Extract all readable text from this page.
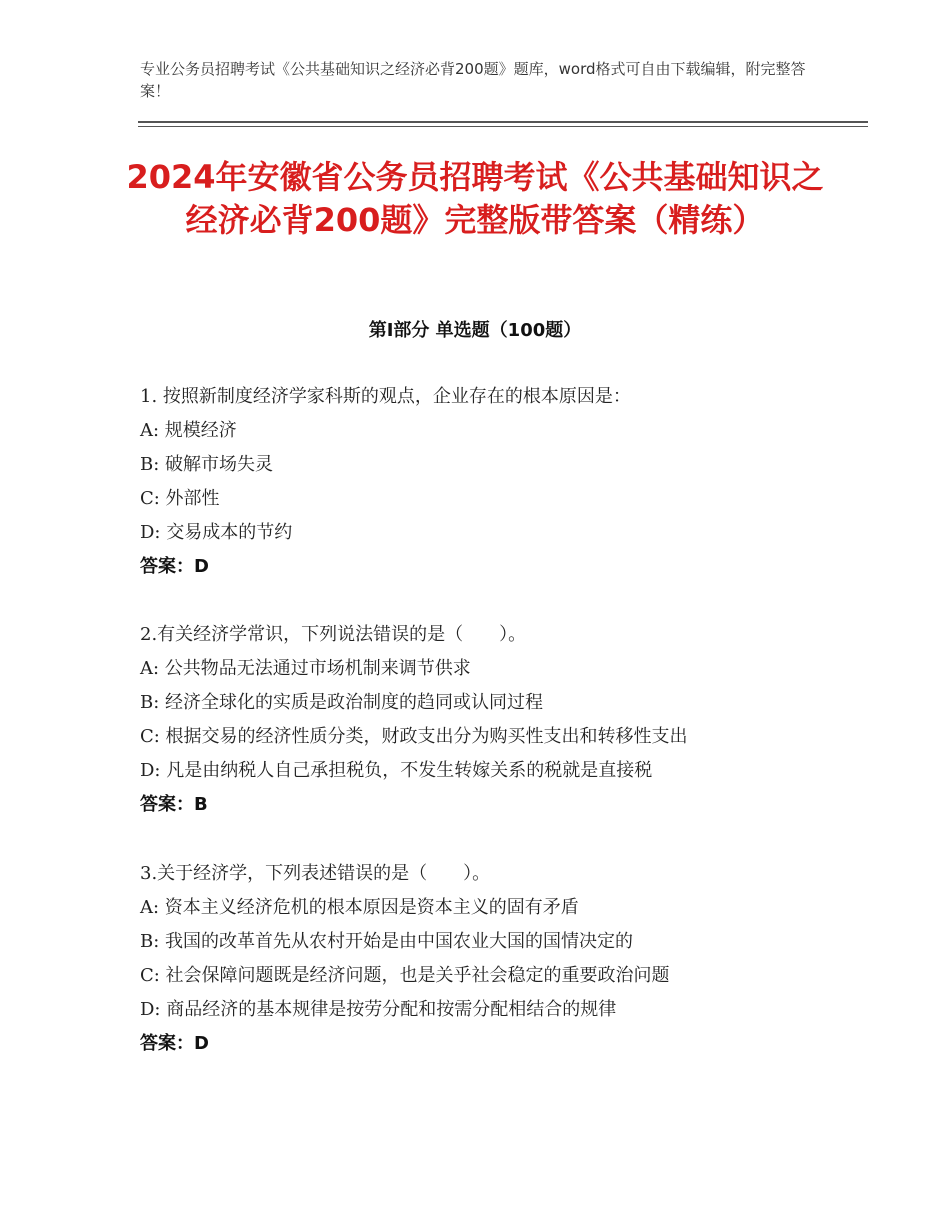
专业公务员招聘考试《公共基础知识之经济必背200题》题库，word格式可自由下载编辑，附完整答案！
2024年安徽省公务员招聘考试《公共基础知识之经济必背200题》完整版带答案（精练）
第Ⅰ部分 单选题（100题）
1. 按照新制度经济学家科斯的观点，企业存在的根本原因是：
A: 规模经济
B: 破解市场失灵
C: 外部性
D: 交易成本的节约
答案：D
2.有关经济学常识，下列说法错误的是（　　）。
A: 公共物品无法通过市场机制来调节供求
B: 经济全球化的实质是政治制度的趋同或认同过程
C: 根据交易的经济性质分类，财政支出分为购买性支出和转移性支出
D: 凡是由纳税人自己承担税负，不发生转嫁关系的税就是直接税
答案：B
3.关于经济学，下列表述错误的是（　　）。
A: 资本主义经济危机的根本原因是资本主义的固有矛盾
B: 我国的改革首先从农村开始是由中国农业大国的国情决定的
C: 社会保障问题既是经济问题，也是关乎社会稳定的重要政治问题
D: 商品经济的基本规律是按劳分配和按需分配相结合的规律
答案：D
